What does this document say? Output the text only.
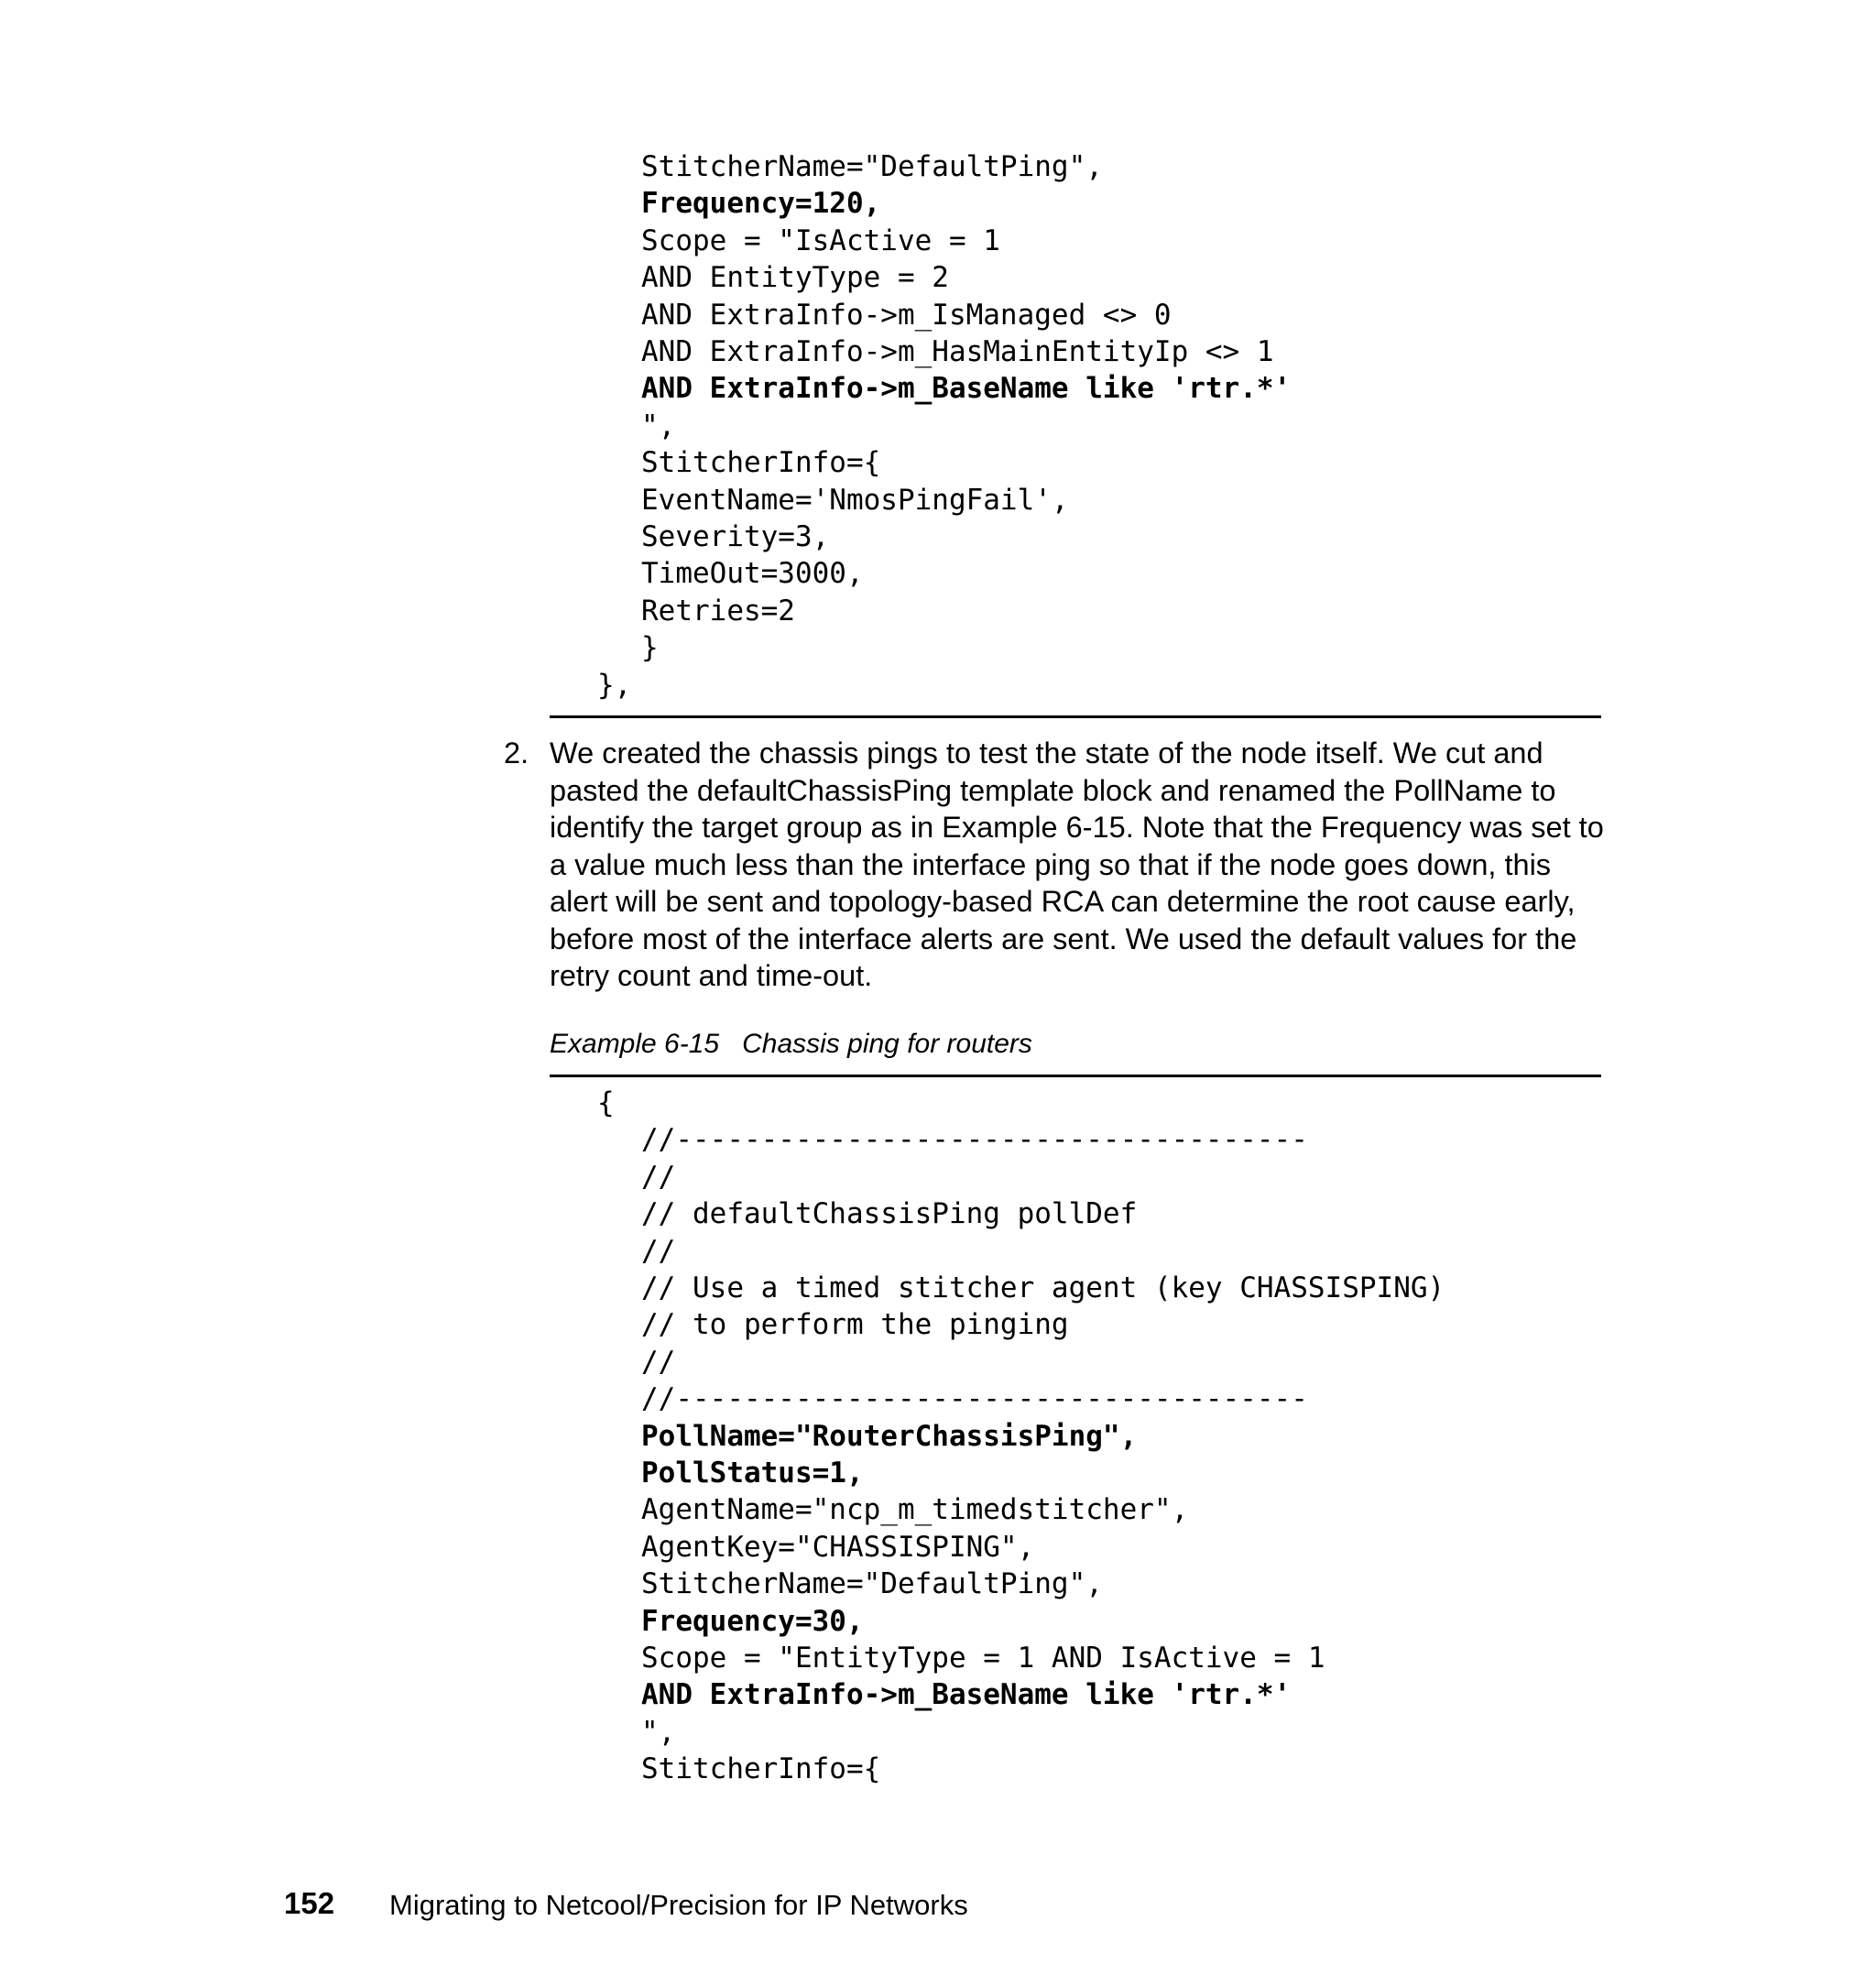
StitcherName="DefaultPing",
Frequency=120,
Scope = "IsActive = 1
AND EntityType = 2
AND ExtraInfo->m_IsManaged <> 0
AND ExtraInfo->m_HasMainEntityIp <> 1
AND ExtraInfo->m_BaseName like 'rtr.*'
",
StitcherInfo={
EventName='NmosPingFail',
Severity=3,
TimeOut=3000,
Retries=2
}
},
2. We created the chassis pings to test the state of the node itself. We cut and pasted the defaultChassisPing template block and renamed the PollName to identify the target group as in Example 6-15. Note that the Frequency was set to a value much less than the interface ping so that if the node goes down, this alert will be sent and topology-based RCA can determine the root cause early, before most of the interface alerts are sent. We used the default values for the retry count and time-out.
Example 6-15   Chassis ping for routers
{
//-------------------------------------
//
// defaultChassisPing pollDef
//
// Use a timed stitcher agent (key CHASSISPING)
// to perform the pinging
//
//-------------------------------------
PollName="RouterChassisPing",
PollStatus=1,
AgentName="ncp_m_timedstitcher",
AgentKey="CHASSISPING",
StitcherName="DefaultPing",
Frequency=30,
Scope = "EntityType = 1 AND IsActive = 1
AND ExtraInfo->m_BaseName like 'rtr.*'
",
StitcherInfo={
152 Migrating to Netcool/Precision for IP Networks
